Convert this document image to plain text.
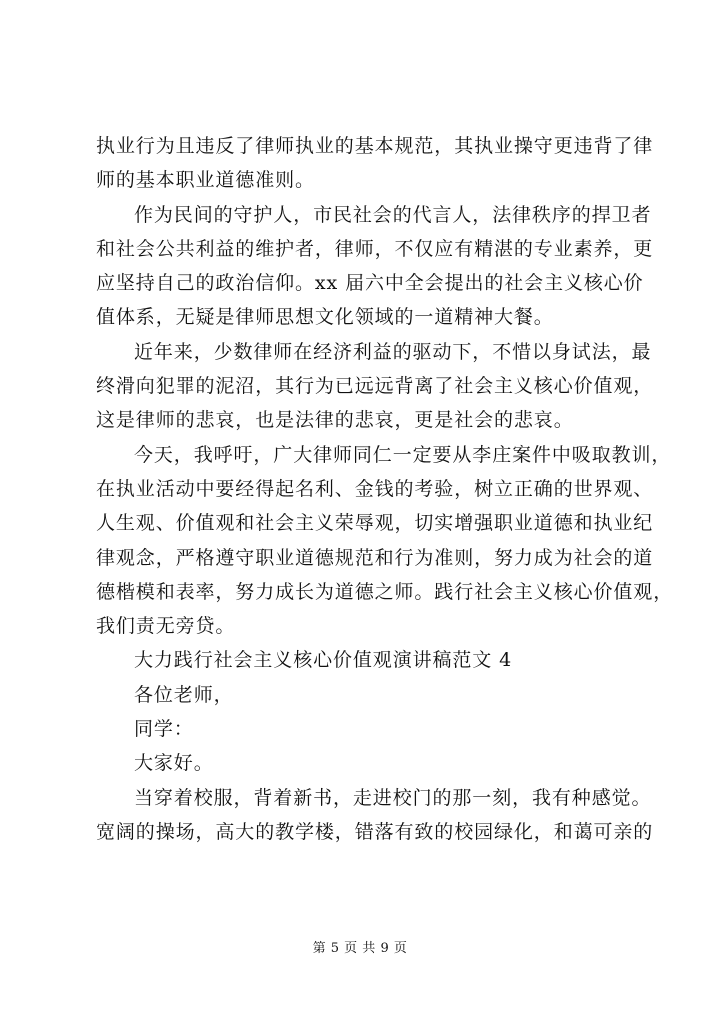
执业行为且违反了律师执业的基本规范，其执业操守更违背了律
师的基本职业道德准则。
作为民间的守护人，市民社会的代言人，法律秩序的捍卫者
和社会公共利益的维护者，律师，不仅应有精湛的专业素养，更
应坚持自己的政治信仰。xx 届六中全会提出的社会主义核心价
值体系，无疑是律师思想文化领域的一道精神大餐。
近年来，少数律师在经济利益的驱动下，不惜以身试法，最
终滑向犯罪的泥沼，其行为已远远背离了社会主义核心价值观，
这是律师的悲哀，也是法律的悲哀，更是社会的悲哀。
今天，我呼吁，广大律师同仁一定要从李庄案件中吸取教训，
在执业活动中要经得起名利、金钱的考验，树立正确的世界观、
人生观、价值观和社会主义荣辱观，切实增强职业道德和执业纪
律观念，严格遵守职业道德规范和行为准则，努力成为社会的道
德楷模和表率，努力成长为道德之师。践行社会主义核心价值观，
我们责无旁贷。
大力践行社会主义核心价值观演讲稿范文 4
各位老师，
同学：
大家好。
当穿着校服，背着新书，走进校门的那一刻，我有种感觉。
宽阔的操场，高大的教学楼，错落有致的校园绿化，和蔼可亲的
第 5 页 共 9 页
